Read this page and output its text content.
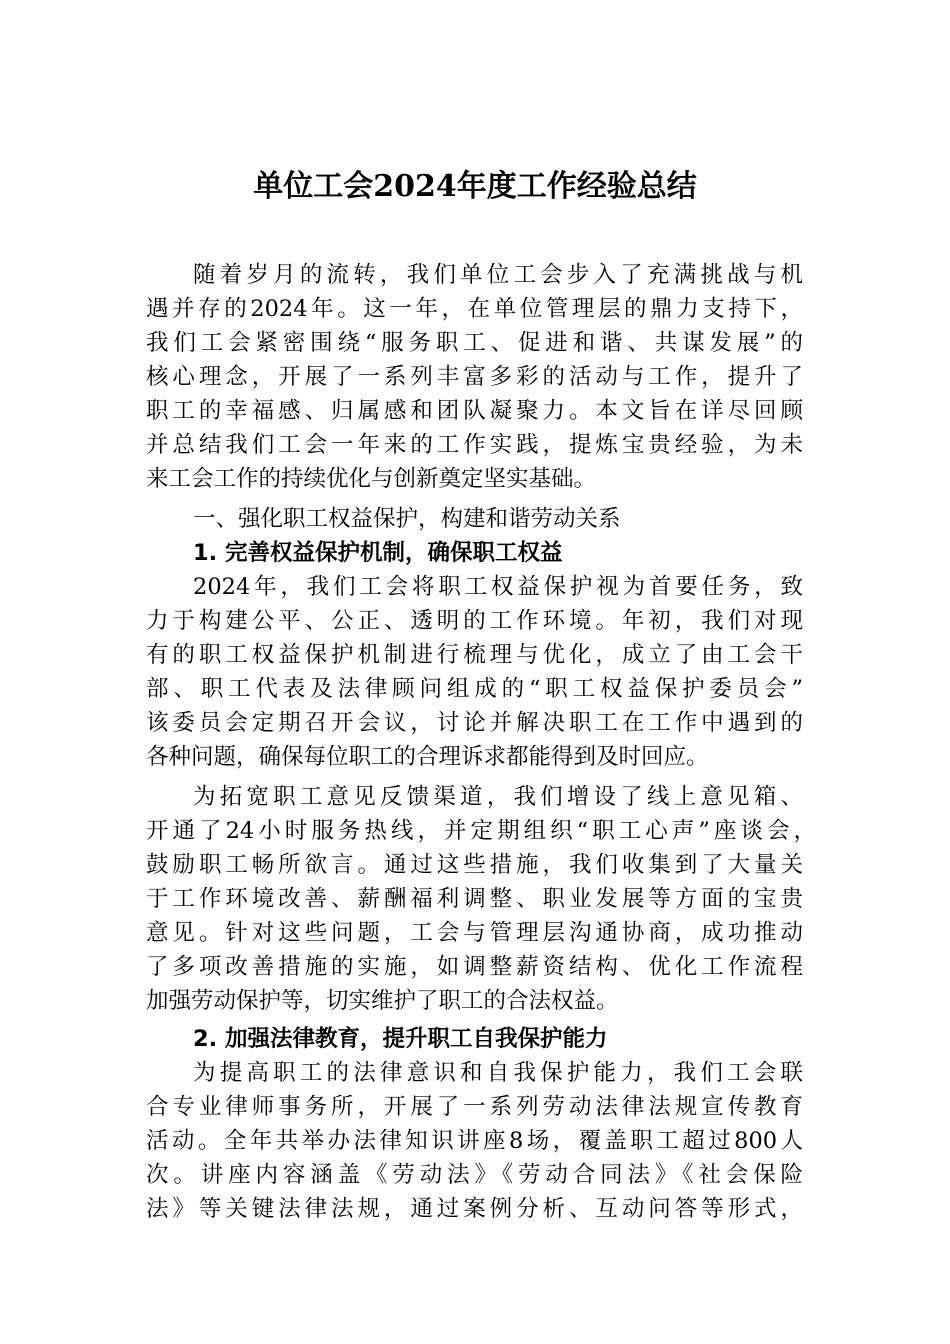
单位工会2024年度工作经验总结
随着岁月的流转，我们单位工会步入了充满挑战与机
遇并存的2024年。这一年，在单位管理层的鼎力支持下，
我们工会紧密围绕“服务职工、促进和谐、共谋发展”的
核心理念，开展了一系列丰富多彩的活动与工作，提升了
职工的幸福感、归属感和团队凝聚力。本文旨在详尽回顾
并总结我们工会一年来的工作实践，提炼宝贵经验，为未
来工会工作的持续优化与创新奠定坚实基础。
一、强化职工权益保护，构建和谐劳动关系
1. 完善权益保护机制，确保职工权益
2024年，我们工会将职工权益保护视为首要任务，致
力于构建公平、公正、透明的工作环境。年初，我们对现
有的职工权益保护机制进行梳理与优化，成立了由工会干
部、职工代表及法律顾问组成的“职工权益保护委员会”
该委员会定期召开会议，讨论并解决职工在工作中遇到的
各种问题，确保每位职工的合理诉求都能得到及时回应。
为拓宽职工意见反馈渠道，我们增设了线上意见箱、
开通了24小时服务热线，并定期组织“职工心声”座谈会，
鼓励职工畅所欲言。通过这些措施，我们收集到了大量关
于工作环境改善、薪酬福利调整、职业发展等方面的宝贵
意见。针对这些问题，工会与管理层沟通协商，成功推动
了多项改善措施的实施，如调整薪资结构、优化工作流程
加强劳动保护等，切实维护了职工的合法权益。
2. 加强法律教育，提升职工自我保护能力
为提高职工的法律意识和自我保护能力，我们工会联
合专业律师事务所，开展了一系列劳动法律法规宣传教育
活动。全年共举办法律知识讲座8场，覆盖职工超过800人
次。讲座内容涵盖《劳动法》《劳动合同法》《社会保险
法》等关键法律法规，通过案例分析、互动问答等形式，
